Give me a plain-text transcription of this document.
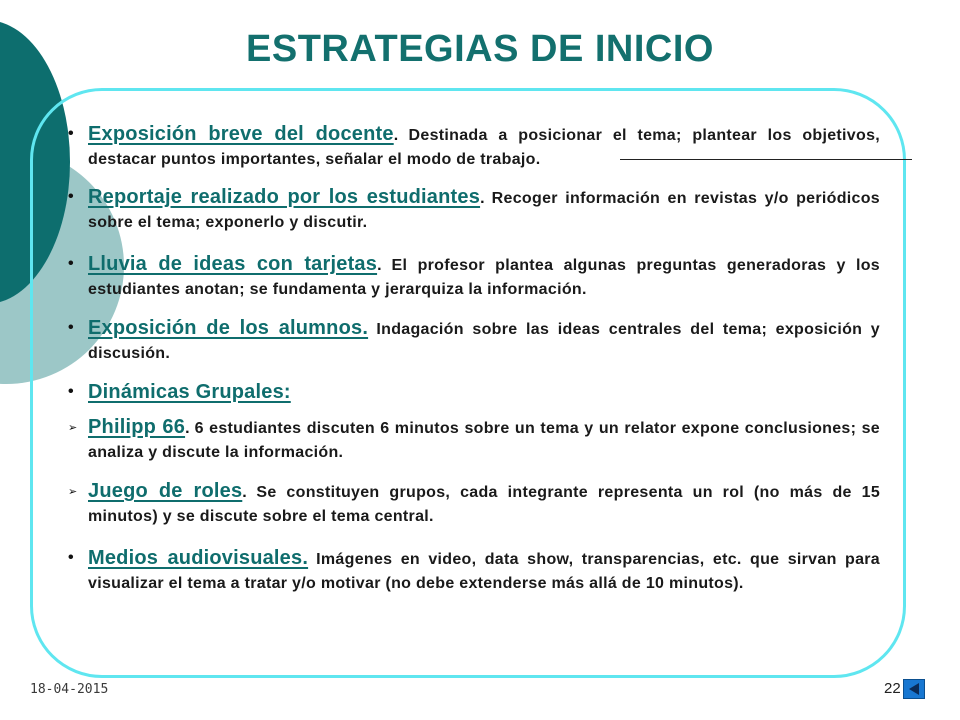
ESTRATEGIAS DE INICIO

• Exposición breve del docente. Destinada a posicionar el tema; plantear los objetivos, destacar puntos importantes, señalar el modo de trabajo.

• Reportaje realizado por los estudiantes. Recoger información en revistas y/o periódicos sobre el tema; exponerlo y discutir.

• Lluvia de ideas con tarjetas. El profesor plantea algunas preguntas generadoras y los estudiantes anotan; se fundamenta y jerarquiza la información.

• Exposición de los alumnos. Indagación sobre las ideas centrales del tema; exposición y discusión.

• Dinámicas Grupales:

➢ Philipp 66. 6 estudiantes discuten 6 minutos sobre un tema y un relator expone conclusiones; se analiza y discute la información.

➢ Juego de roles. Se constituyen grupos, cada integrante representa un rol (no más de 15 minutos) y se discute sobre el tema central.

• Medios audiovisuales. Imágenes en video, data show, transparencias, etc. que sirvan para visualizar el tema a tratar y/o motivar (no debe extenderse más allá de 10 minutos).

18-04-2015	22
